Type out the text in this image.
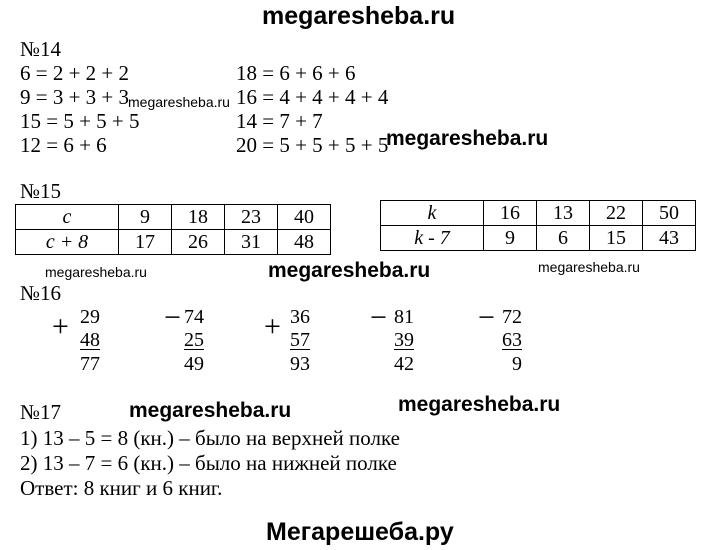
megaresheba.ru
megaresheba.ru
megaresheba.ru
megaresheba.ru	megaresheba.ru	megaresheba.ru
megaresheba.ru	megaresheba.ru
Мегарешеба.ру
№14
6 = 2 + 2 + 2
9 = 3 + 3 + 3
15 = 5 + 5 + 5
12 = 6 + 6
18 = 6 + 6 + 6
16 = 4 + 4 + 4 + 4
14 = 7 + 7
20 = 5 + 5 + 5 + 5
№15
c	9	18	23	40
c + 8	17	26	31	48
k	16	13	22	50
k - 7	9	6	15	43
№16
+ 29
48
77
− 74
25
49
+ 36
57
93
− 81
39
42
− 72
63
9
№17
1) 13 – 5 = 8 (кн.) – было на верхней полке
2) 13 – 7 = 6 (кн.) – было на нижней полке
Ответ: 8 книг и 6 книг.
